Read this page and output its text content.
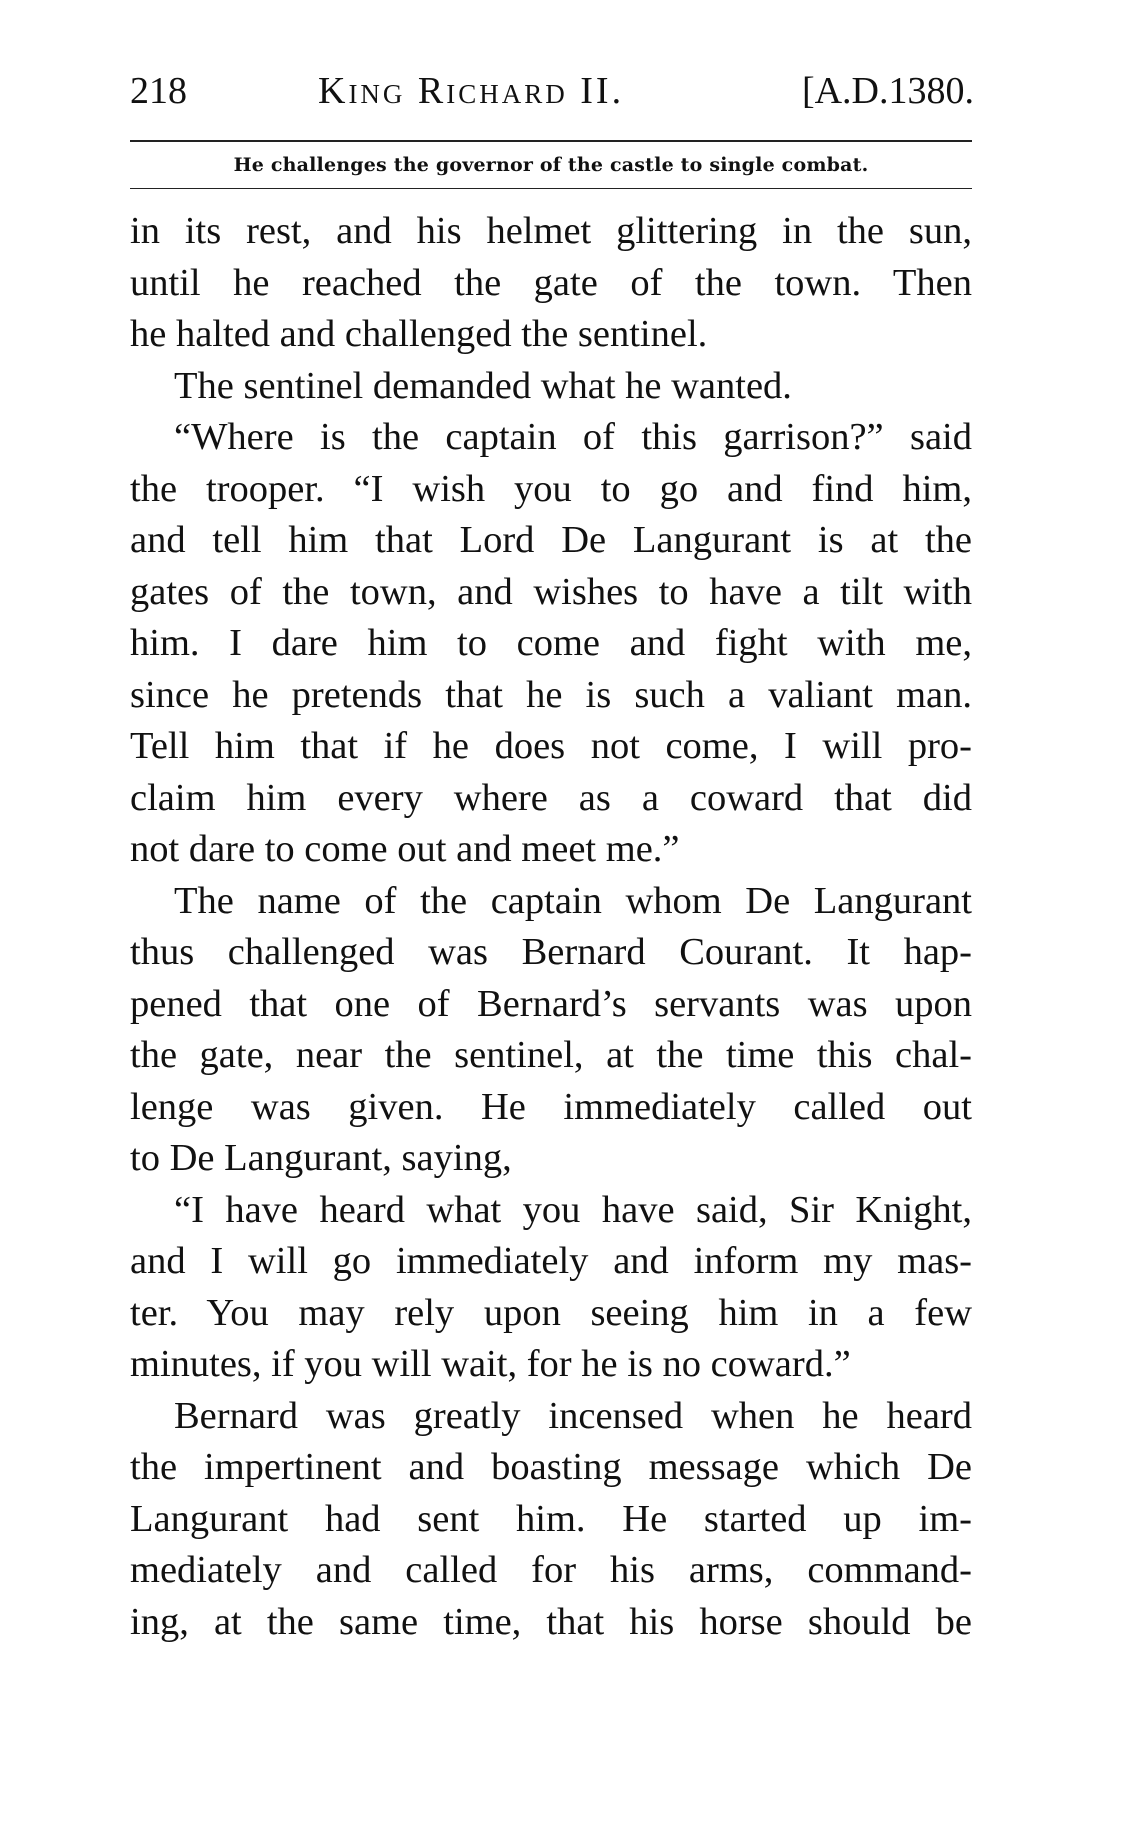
218	King Richard II.	[A.D.1380.
He challenges the governor of the castle to single combat.
in its rest, and his helmet glittering in the sun,
until he reached the gate of the town. Then
he halted and challenged the sentinel.
The sentinel demanded what he wanted.
“Where is the captain of this garrison?” said
the trooper. “I wish you to go and find him,
and tell him that Lord De Langurant is at the
gates of the town, and wishes to have a tilt with
him. I dare him to come and fight with me,
since he pretends that he is such a valiant man.
Tell him that if he does not come, I will pro-
claim him every where as a coward that did
not dare to come out and meet me.”
The name of the captain whom De Langurant
thus challenged was Bernard Courant. It hap-
pened that one of Bernard’s servants was upon
the gate, near the sentinel, at the time this chal-
lenge was given. He immediately called out
to De Langurant, saying,
“I have heard what you have said, Sir Knight,
and I will go immediately and inform my mas-
ter. You may rely upon seeing him in a few
minutes, if you will wait, for he is no coward.”
Bernard was greatly incensed when he heard
the impertinent and boasting message which De
Langurant had sent him. He started up im-
mediately and called for his arms, command-
ing, at the same time, that his horse should be
